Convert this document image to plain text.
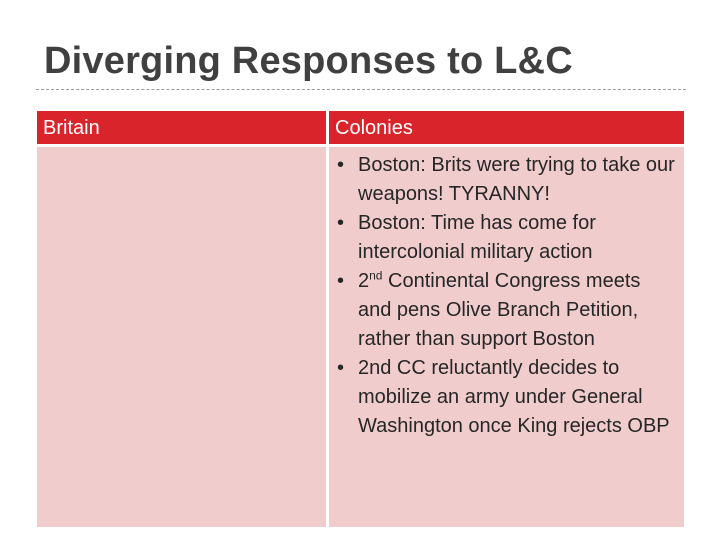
Diverging Responses to L&C
Britain	Colonies
• Boston: Brits were trying to take our weapons! TYRANNY!
• Boston: Time has come for intercolonial military action
• 2nd Continental Congress meets and pens Olive Branch Petition, rather than support Boston
• 2nd CC reluctantly decides to mobilize an army under General Washington once King rejects OBP
